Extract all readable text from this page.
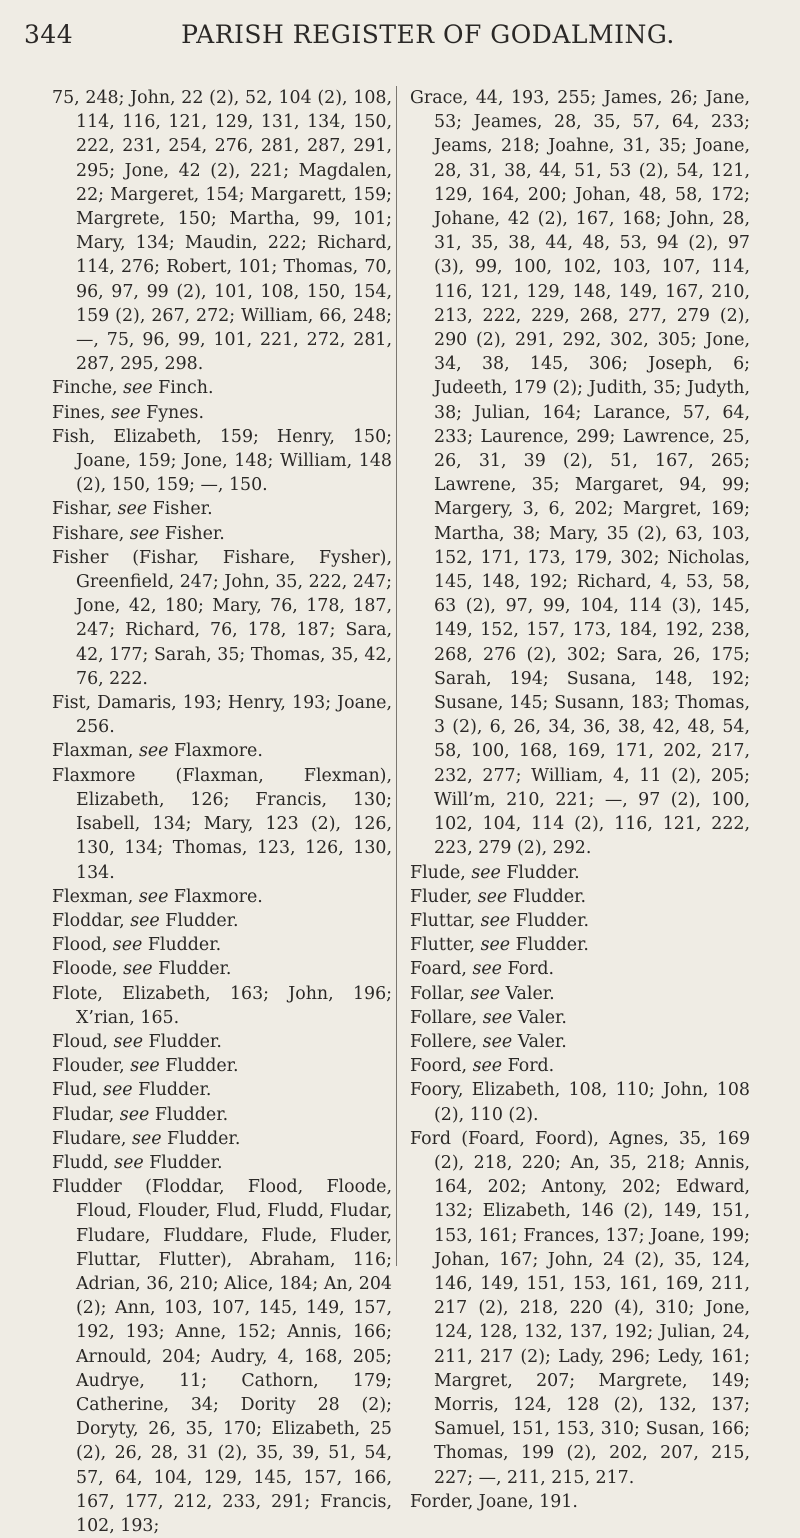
344	PARISH REGISTER OF GODALMING.

75, 248; John, 22 (2), 52, 104 (2), 108, 114, 116, 121, 129, 131, 134, 150, 222, 231, 254, 276, 281, 287, 291, 295; Jone, 42 (2), 221; Magdalen, 22; Margeret, 154; Margarett, 159; Margrete, 150; Martha, 99, 101; Mary, 134; Maudin, 222; Richard, 114, 276; Robert, 101; Thomas, 70, 96, 97, 99 (2), 101, 108, 150, 154, 159 (2), 267, 272; William, 66, 248; —, 75, 96, 99, 101, 221, 272, 281, 287, 295, 298.

Finche, see Finch.

Fines, see Fynes.

Fish, Elizabeth, 159; Henry, 150; Joane, 159; Jone, 148; William, 148 (2), 150, 159; —, 150.

Fishar, see Fisher.

Fishare, see Fisher.

Fisher (Fishar, Fishare, Fysher), Greenfield, 247; John, 35, 222, 247; Jone, 42, 180; Mary, 76, 178, 187, 247; Richard, 76, 178, 187; Sara, 42, 177; Sarah, 35; Thomas, 35, 42, 76, 222.

Fist, Damaris, 193; Henry, 193; Joane, 256.

Flaxman, see Flaxmore.

Flaxmore (Flaxman, Flexman), Elizabeth, 126; Francis, 130; Isabell, 134; Mary, 123 (2), 126, 130, 134; Thomas, 123, 126, 130, 134.

Flexman, see Flaxmore.

Floddar, see Fludder.

Flood, see Fludder.

Floode, see Fludder.

Flote, Elizabeth, 163; John, 196; X’rian, 165.

Floud, see Fludder.

Flouder, see Fludder.

Flud, see Fludder.

Fludar, see Fludder.

Fludare, see Fludder.

Fludd, see Fludder.

Fludder (Floddar, Flood, Floode, Floud, Flouder, Flud, Fludd, Fludar, Fludare, Fluddare, Flude, Fluder, Fluttar, Flutter), Abraham, 116; Adrian, 36, 210; Alice, 184; An, 204 (2); Ann, 103, 107, 145, 149, 157, 192, 193; Anne, 152; Annis, 166; Arnould, 204; Audry, 4, 168, 205; Audrye, 11; Cathorn, 179; Catherine, 34; Dority 28 (2); Doryty, 26, 35, 170; Elizabeth, 25 (2), 26, 28, 31 (2), 35, 39, 51, 54, 57, 64, 104, 129, 145, 157, 166, 167, 177, 212, 233, 291; Francis, 102, 193;

Grace, 44, 193, 255; James, 26; Jane, 53; Jeames, 28, 35, 57, 64, 233; Jeams, 218; Joahne, 31, 35; Joane, 28, 31, 38, 44, 51, 53 (2), 54, 121, 129, 164, 200; Johan, 48, 58, 172; Johane, 42 (2), 167, 168; John, 28, 31, 35, 38, 44, 48, 53, 94 (2), 97 (3), 99, 100, 102, 103, 107, 114, 116, 121, 129, 148, 149, 167, 210, 213, 222, 229, 268, 277, 279 (2), 290 (2), 291, 292, 302, 305; Jone, 34, 38, 145, 306; Joseph, 6; Judeeth, 179 (2); Judith, 35; Judyth, 38; Julian, 164; Larance, 57, 64, 233; Laurence, 299; Lawrence, 25, 26, 31, 39 (2), 51, 167, 265; Lawrene, 35; Margaret, 94, 99; Margery, 3, 6, 202; Margret, 169; Martha, 38; Mary, 35 (2), 63, 103, 152, 171, 173, 179, 302; Nicholas, 145, 148, 192; Richard, 4, 53, 58, 63 (2), 97, 99, 104, 114 (3), 145, 149, 152, 157, 173, 184, 192, 238, 268, 276 (2), 302; Sara, 26, 175; Sarah, 194; Susana, 148, 192; Susane, 145; Susann, 183; Thomas, 3 (2), 6, 26, 34, 36, 38, 42, 48, 54, 58, 100, 168, 169, 171, 202, 217, 232, 277; William, 4, 11 (2), 205; Will’m, 210, 221; —, 97 (2), 100, 102, 104, 114 (2), 116, 121, 222, 223, 279 (2), 292.

Flude, see Fludder.

Fluder, see Fludder.

Fluttar, see Fludder.

Flutter, see Fludder.

Foard, see Ford.

Follar, see Valer.

Follare, see Valer.

Follere, see Valer.

Foord, see Ford.

Foory, Elizabeth, 108, 110; John, 108 (2), 110 (2).

Ford (Foard, Foord), Agnes, 35, 169 (2), 218, 220; An, 35, 218; Annis, 164, 202; Antony, 202; Edward, 132; Elizabeth, 146 (2), 149, 151, 153, 161; Frances, 137; Joane, 199; Johan, 167; John, 24 (2), 35, 124, 146, 149, 151, 153, 161, 169, 211, 217 (2), 218, 220 (4), 310; Jone, 124, 128, 132, 137, 192; Julian, 24, 211, 217 (2); Lady, 296; Ledy, 161; Margret, 207; Margrete, 149; Morris, 124, 128 (2), 132, 137; Samuel, 151, 153, 310; Susan, 166; Thomas, 199 (2), 202, 207, 215, 227; —, 211, 215, 217.

Forder, Joane, 191.
